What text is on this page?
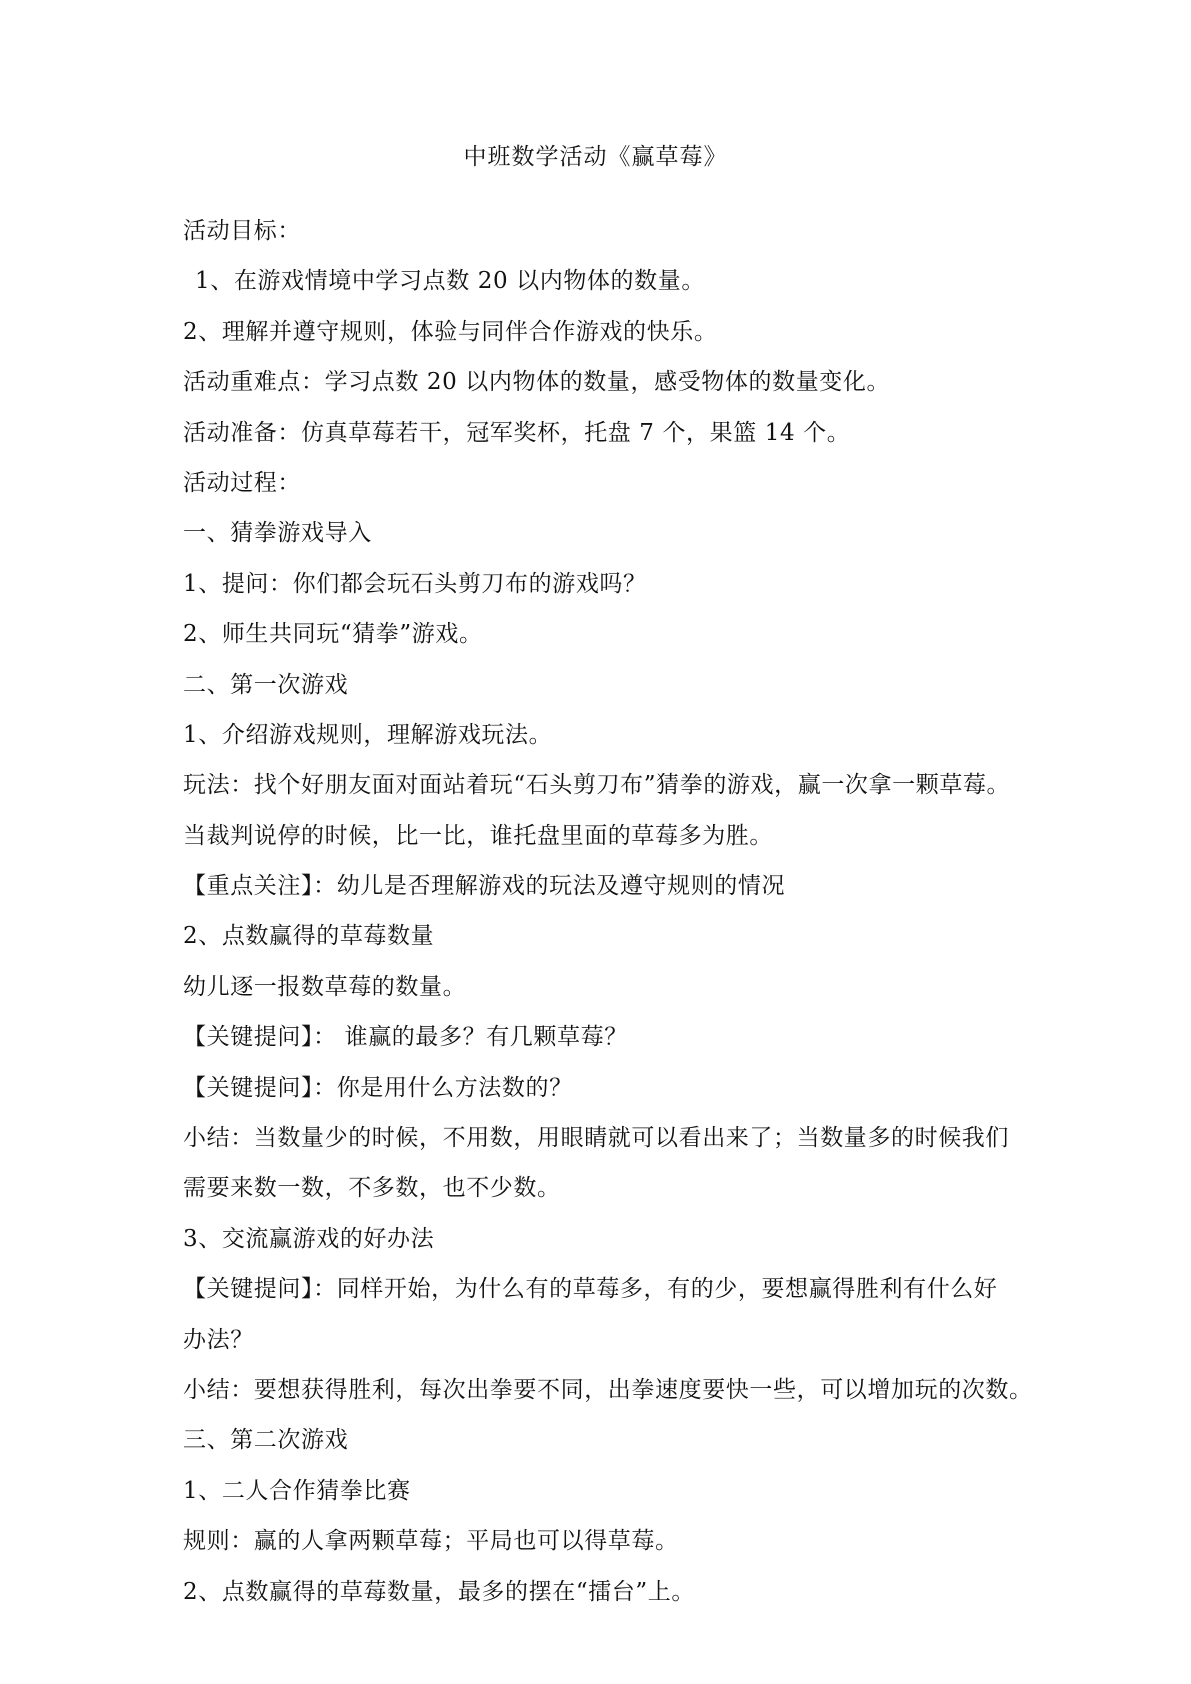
中班数学活动《赢草莓》
活动目标：
1、在游戏情境中学习点数 20 以内物体的数量。
2、理解并遵守规则，体验与同伴合作游戏的快乐。
活动重难点：学习点数 20 以内物体的数量，感受物体的数量变化。
活动准备：仿真草莓若干，冠军奖杯，托盘 7 个，果篮 14 个。
活动过程：
一、猜拳游戏导入
1、提问：你们都会玩石头剪刀布的游戏吗？
2、师生共同玩“猜拳”游戏。
二、第一次游戏
1、介绍游戏规则，理解游戏玩法。
玩法：找个好朋友面对面站着玩“石头剪刀布”猜拳的游戏，赢一次拿一颗草莓。
当裁判说停的时候，比一比，谁托盘里面的草莓多为胜。
【重点关注】：幼儿是否理解游戏的玩法及遵守规则的情况
2、点数赢得的草莓数量
幼儿逐一报数草莓的数量。
【关键提问】： 谁赢的最多？有几颗草莓？
【关键提问】：你是用什么方法数的？
小结：当数量少的时候，不用数，用眼睛就可以看出来了；当数量多的时候我们
需要来数一数，不多数，也不少数。
3、交流赢游戏的好办法
【关键提问】：同样开始，为什么有的草莓多，有的少，要想赢得胜利有什么好
办法？
小结：要想获得胜利，每次出拳要不同，出拳速度要快一些，可以增加玩的次数。
三、第二次游戏
1、二人合作猜拳比赛
规则：赢的人拿两颗草莓；平局也可以得草莓。
2、点数赢得的草莓数量，最多的摆在“擂台”上。
